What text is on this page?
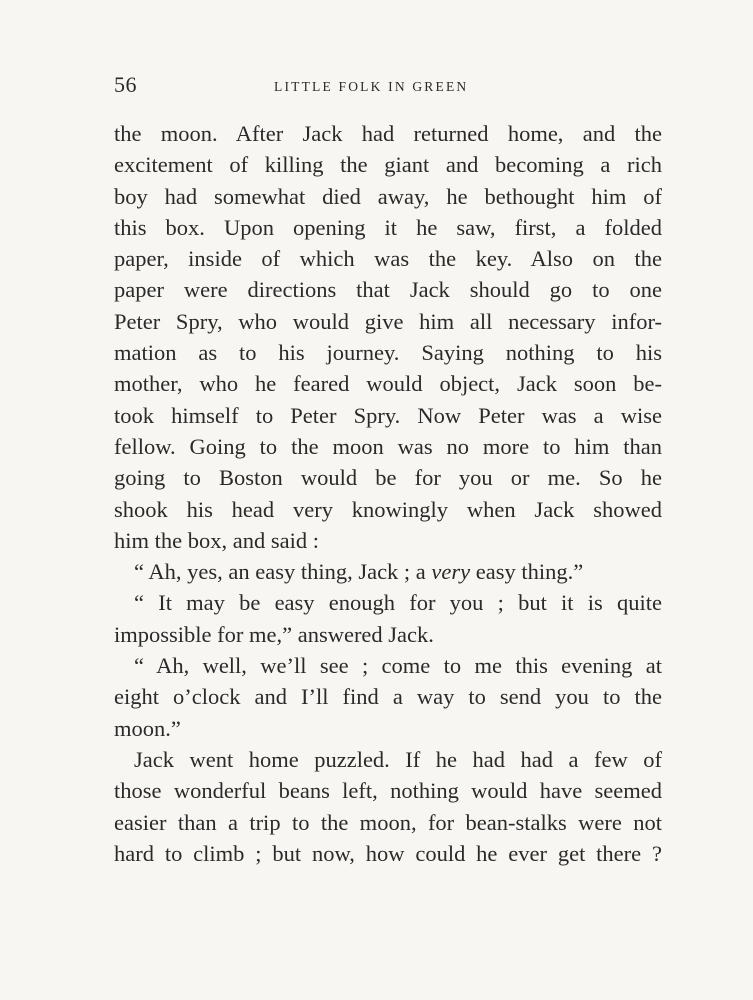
56	LITTLE FOLK IN GREEN
the moon. After Jack had returned home, and the
excitement of killing the giant and becoming a rich
boy had somewhat died away, he bethought him of
this box. Upon opening it he saw, first, a folded
paper, inside of which was the key. Also on the
paper were directions that Jack should go to one
Peter Spry, who would give him all necessary infor-
mation as to his journey. Saying nothing to his
mother, who he feared would object, Jack soon be-
took himself to Peter Spry. Now Peter was a wise
fellow. Going to the moon was no more to him than
going to Boston would be for you or me. So he
shook his head very knowingly when Jack showed
him the box, and said :
“ Ah, yes, an easy thing, Jack ; a very easy thing.”
“ It may be easy enough for you ; but it is quite
impossible for me,” answered Jack.
“ Ah, well, we’ll see ; come to me this evening at
eight o’clock and I’ll find a way to send you to the
moon.”
Jack went home puzzled. If he had had a few of
those wonderful beans left, nothing would have seemed
easier than a trip to the moon, for bean-stalks were not
hard to climb ; but now, how could he ever get there ?
